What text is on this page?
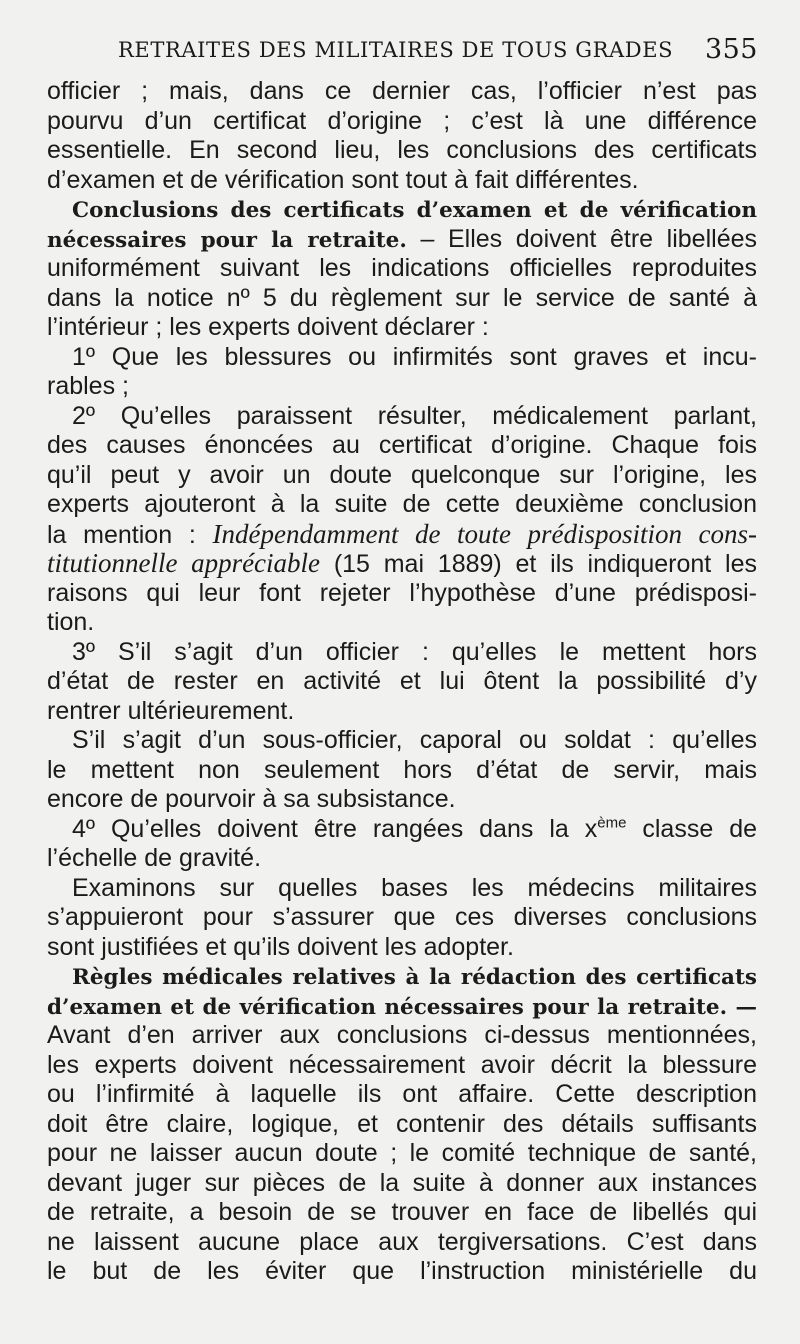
RETRAITES DES MILITAIRES DE TOUS GRADES 355
officier ; mais, dans ce dernier cas, l’officier n’est pas
pourvu d’un certificat d’origine ; c’est là une différence
essentielle. En second lieu, les conclusions des certificats
d’examen et de vérification sont tout à fait différentes.
Conclusions des certificats d’examen et de vérification
nécessaires pour la retraite. – Elles doivent être libellées
uniformément suivant les indications officielles reproduites
dans la notice nº 5 du règlement sur le service de santé à
l’intérieur ; les experts doivent déclarer :
1º Que les blessures ou infirmités sont graves et incu-
rables ;
2º Qu’elles paraissent résulter, médicalement parlant,
des causes énoncées au certificat d’origine. Chaque fois
qu’il peut y avoir un doute quelconque sur l’origine, les
experts ajouteront à la suite de cette deuxième conclusion
la mention : Indépendamment de toute prédisposition cons-
titutionnelle appréciable (15 mai 1889) et ils indiqueront les
raisons qui leur font rejeter l’hypothèse d’une prédisposi-
tion.
3º S’il s’agit d’un officier : qu’elles le mettent hors
d’état de rester en activité et lui ôtent la possibilité d’y
rentrer ultérieurement.
S’il s’agit d’un sous-officier, caporal ou soldat : qu’elles
le mettent non seulement hors d’état de servir, mais
encore de pourvoir à sa subsistance.
4º Qu’elles doivent être rangées dans la $x^{ème}$ classe de
l’échelle de gravité.
Examinons sur quelles bases les médecins militaires
s’appuieront pour s’assurer que ces diverses conclusions
sont justifiées et qu’ils doivent les adopter.
Règles médicales relatives à la rédaction des certificats
d’examen et de vérification nécessaires pour la retraite. —
Avant d’en arriver aux conclusions ci-dessus mentionnées,
les experts doivent nécessairement avoir décrit la blessure
ou l’infirmité à laquelle ils ont affaire. Cette description
doit être claire, logique, et contenir des détails suffisants
pour ne laisser aucun doute ; le comité technique de santé,
devant juger sur pièces de la suite à donner aux instances
de retraite, a besoin de se trouver en face de libellés qui
ne laissent aucune place aux tergiversations. C’est dans
le but de les éviter que l’instruction ministérielle du
